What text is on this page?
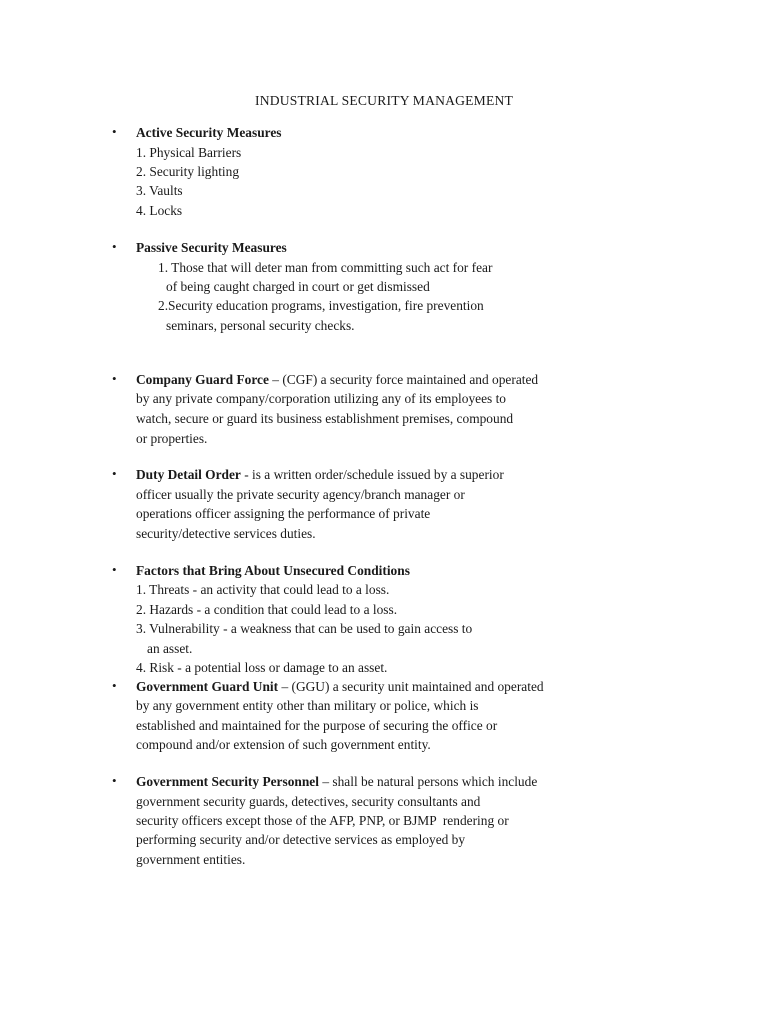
INDUSTRIAL SECURITY MANAGEMENT
• Active Security Measures
1. Physical Barriers
2. Security lighting
3. Vaults
4. Locks
• Passive Security Measures
1. Those that will deter man from committing such act for fear
of being caught charged in court or get dismissed
2.Security education programs, investigation, fire prevention
seminars, personal security checks.
• Company Guard Force – (CGF) a security force maintained and operated
by any private company/corporation utilizing any of its employees to
watch, secure or guard its business establishment premises, compound
or properties.
• Duty Detail Order - is a written order/schedule issued by a superior
officer usually the private security agency/branch manager or
operations officer assigning the performance of private
security/detective services duties.
• Factors that Bring About Unsecured Conditions
1. Threats - an activity that could lead to a loss.
2. Hazards - a condition that could lead to a loss.
3. Vulnerability - a weakness that can be used to gain access to
an asset.
4. Risk - a potential loss or damage to an asset.
• Government Guard Unit – (GGU) a security unit maintained and operated
by any government entity other than military or police, which is
established and maintained for the purpose of securing the office or
compound and/or extension of such government entity.
• Government Security Personnel – shall be natural persons which include
government security guards, detectives, security consultants and
security officers except those of the AFP, PNP, or BJMP  rendering or
performing security and/or detective services as employed by
government entities.
